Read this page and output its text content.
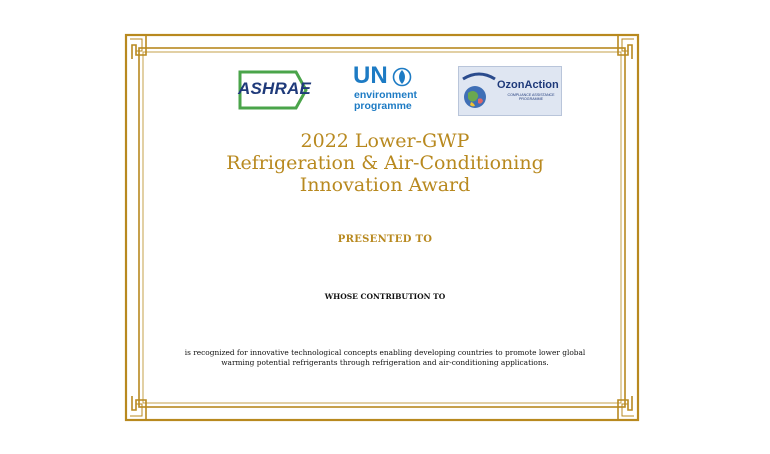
ASHRAE UN
environment
programme
OzonAction
COMPLIANCE ASSISTANCE PROGRAMME
2022 Lower-GWP
Refrigeration & Air-Conditioning
Innovation Award
PRESENTED TO
WHOSE CONTRIBUTION TO
is recognized for innovative technological concepts enabling developing countries to promote lower global
warming potential refrigerants through refrigeration and air-conditioning applications.
